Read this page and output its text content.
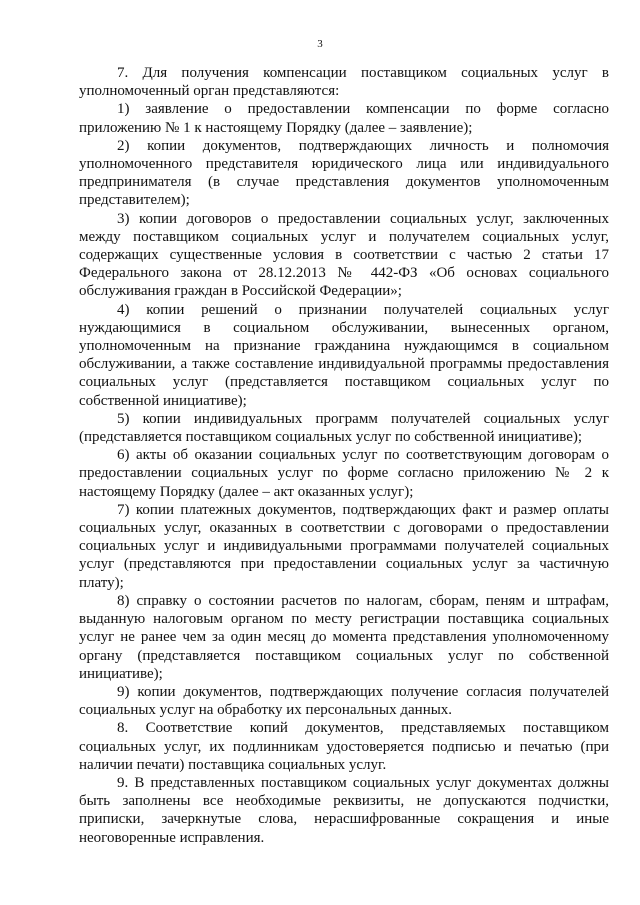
3

7. Для получения компенсации поставщиком социальных услуг в уполномоченный орган представляются:

1) заявление о предоставлении компенсации по форме согласно приложению № 1 к настоящему Порядку (далее – заявление);

2) копии документов, подтверждающих личность и полномочия уполномоченного представителя юридического лица или индивидуального предпринимателя (в случае представления документов уполномоченным представителем);

3) копии договоров о предоставлении социальных услуг, заключенных между поставщиком социальных услуг и получателем социальных услуг, содержащих существенные условия в соответствии с частью 2 статьи 17 Федерального закона от 28.12.2013 № 442-ФЗ «Об основах социального обслуживания граждан в Российской Федерации»;

4) копии решений о признании получателей социальных услуг нуждающимися в социальном обслуживании, вынесенных органом, уполномоченным на признание гражданина нуждающимся в социальном обслуживании, а также составление индивидуальной программы предоставления социальных услуг (представляется поставщиком социальных услуг по собственной инициативе);

5) копии индивидуальных программ получателей социальных услуг (представляется поставщиком социальных услуг по собственной инициативе);

6) акты об оказании социальных услуг по соответствующим договорам о предоставлении социальных услуг по форме согласно приложению № 2 к настоящему Порядку (далее – акт оказанных услуг);

7) копии платежных документов, подтверждающих факт и размер оплаты социальных услуг, оказанных в соответствии с договорами о предоставлении социальных услуг и индивидуальными программами получателей социальных услуг (представляются при предоставлении социальных услуг за частичную плату);

8) справку о состоянии расчетов по налогам, сборам, пеням и штрафам, выданную налоговым органом по месту регистрации поставщика социальных услуг не ранее чем за один месяц до момента представления уполномоченному органу (представляется поставщиком социальных услуг по собственной инициативе);

9) копии документов, подтверждающих получение согласия получателей социальных услуг на обработку их персональных данных.

8. Соответствие копий документов, представляемых поставщиком социальных услуг, их подлинникам удостоверяется подписью и печатью (при наличии печати) поставщика социальных услуг.

9. В представленных поставщиком социальных услуг документах должны быть заполнены все необходимые реквизиты, не допускаются подчистки, приписки, зачеркнутые слова, нерасшифрованные сокращения и иные неоговоренные исправления.
